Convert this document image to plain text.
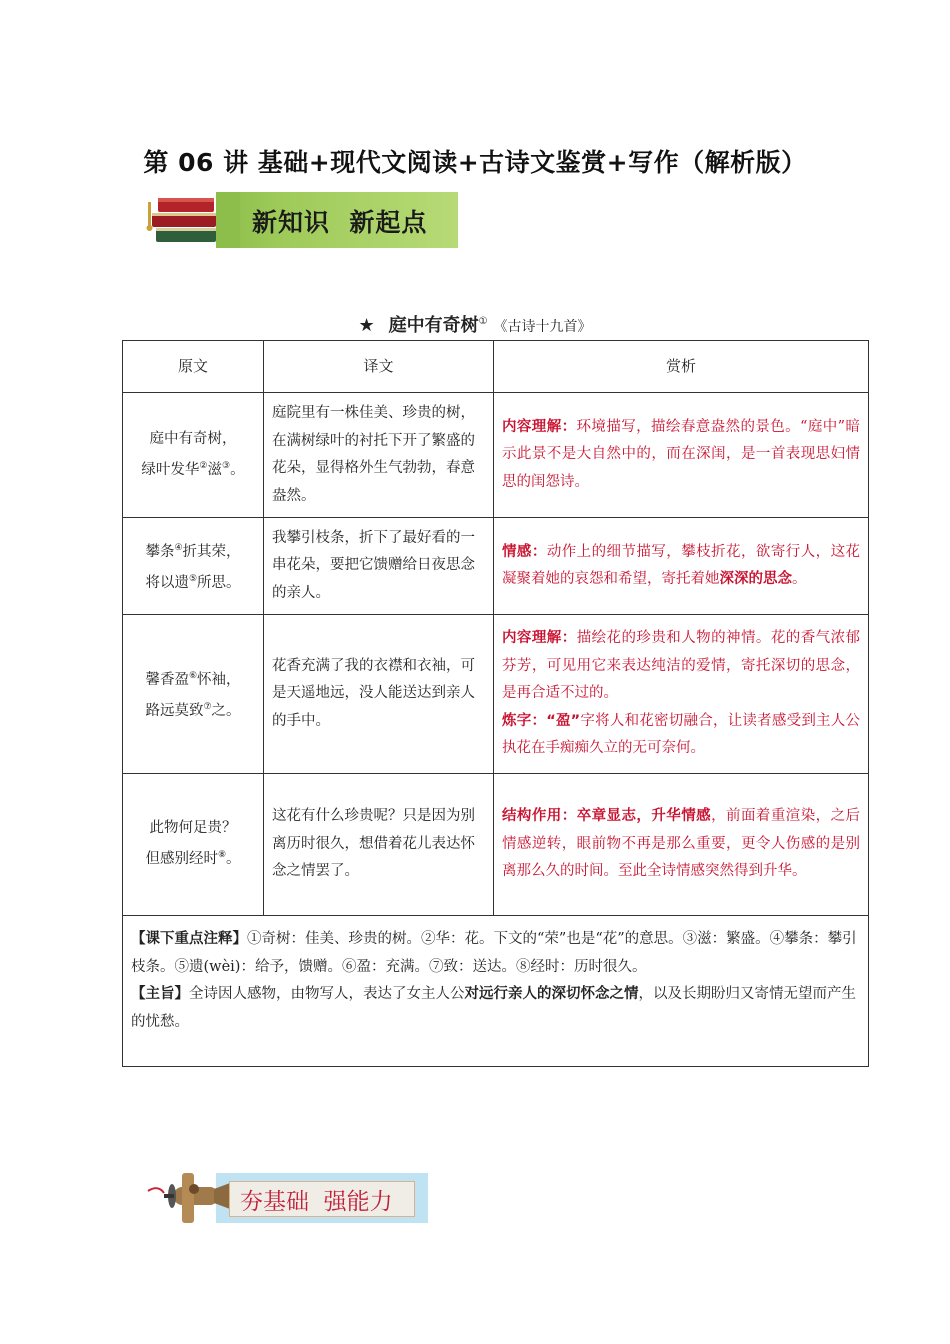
第 06 讲 基础+现代文阅读+古诗文鉴赏+写作（解析版）
新知识  新起点
★ 庭中有奇树① 《古诗十九首》
原文	译文	赏析
庭中有奇树，
绿叶发华②滋③。	庭院里有一株佳美、珍贵的树，在满树绿叶的衬托下开了繁盛的花朵，显得格外生气勃勃，春意盎然。	内容理解：环境描写，描绘春意盎然的景色。“庭中”暗示此景不是大自然中的，而在深闺，是一首表现思妇情思的闺怨诗。
攀条④折其荣，
将以遗⑤所思。	我攀引枝条，折下了最好看的一串花朵，要把它馈赠给日夜思念的亲人。	情感：动作上的细节描写，攀枝折花，欲寄行人，这花凝聚着她的哀怨和希望，寄托着她深深的思念。
馨香盈⑥怀袖，
路远莫致⑦之。	花香充满了我的衣襟和衣袖，可是天遥地远，没人能送达到亲人的手中。	内容理解：描绘花的珍贵和人物的神情。花的香气浓郁芬芳，可见用它来表达纯洁的爱情，寄托深切的思念，是再合适不过的。
炼字：“盈”字将人和花密切融合，让读者感受到主人公执花在手痴痴久立的无可奈何。
此物何足贵？
但感别经时⑧。	这花有什么珍贵呢？只是因为别离历时很久，想借着花儿表达怀念之情罢了。	结构作用：卒章显志，升华情感，前面着重渲染，之后情感逆转，眼前物不再是那么重要，更令人伤感的是别离那么久的时间。至此全诗情感突然得到升华。
【课下重点注释】①奇树：佳美、珍贵的树。②华：花。下文的“荣”也是“花”的意思。③滋：繁盛。④攀条：攀引枝条。⑤遗(wèi)：给予，馈赠。⑥盈：充满。⑦致：送达。⑧经时：历时很久。
【主旨】全诗因人感物，由物写人，表达了女主人公对远行亲人的深切怀念之情，以及长期盼归又寄情无望而产生的忧愁。		
夯基础  强能力
